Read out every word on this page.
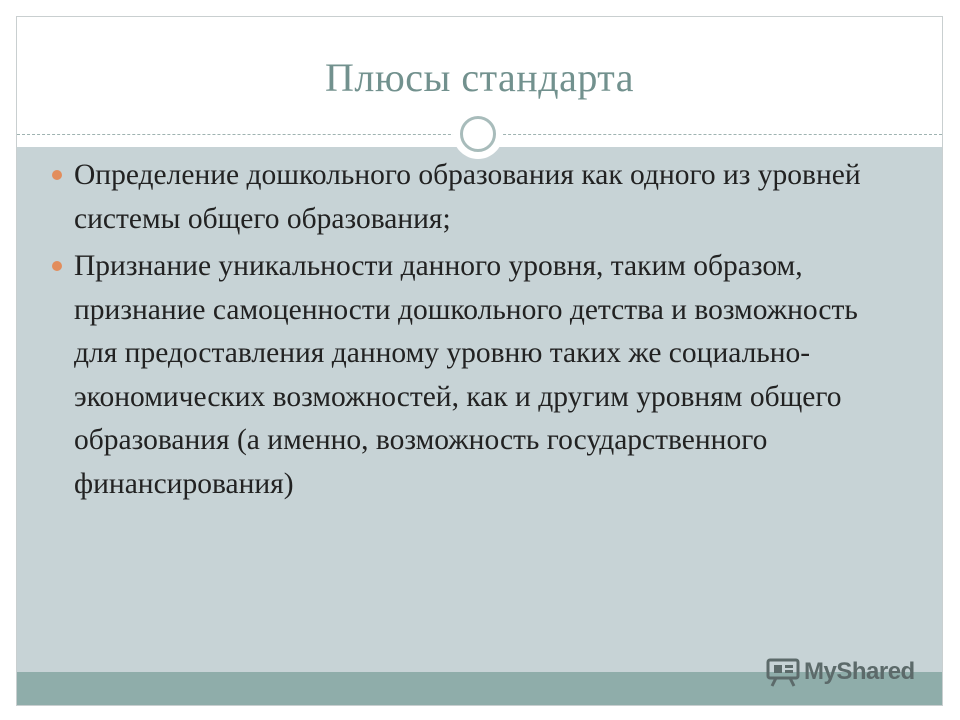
Плюсы стандарта
Определение дошкольного образования как одного из уровней системы общего образования;
Признание уникальности данного уровня, таким образом, признание самоценности дошкольного детства и возможность для предоставления данному уровню таких же социально-экономических возможностей, как и другим уровням общего образования (а именно, возможность государственного финансирования)
MyShared
